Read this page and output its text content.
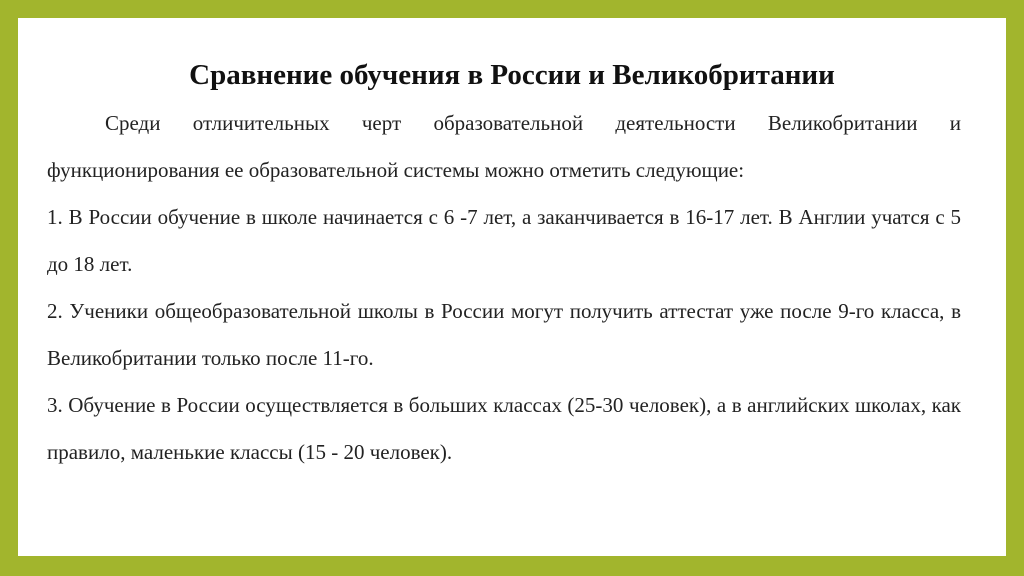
Сравнение обучения в России и Великобритании

Среди отличительных черт образовательной деятельности Великобритании и функционирования ее образовательной системы можно отметить следующие:

1. В России обучение в школе начинается с 6 -7 лет, а заканчивается в 16-17 лет. В Англии учатся с 5 до 18 лет.

2. Ученики общеобразовательной школы в России могут получить аттестат уже после 9-го класса, в Великобритании только после 11-го.

3. Обучение в России осуществляется в больших классах (25-30 человек), а в английских школах, как правило, маленькие классы (15 - 20 человек).
